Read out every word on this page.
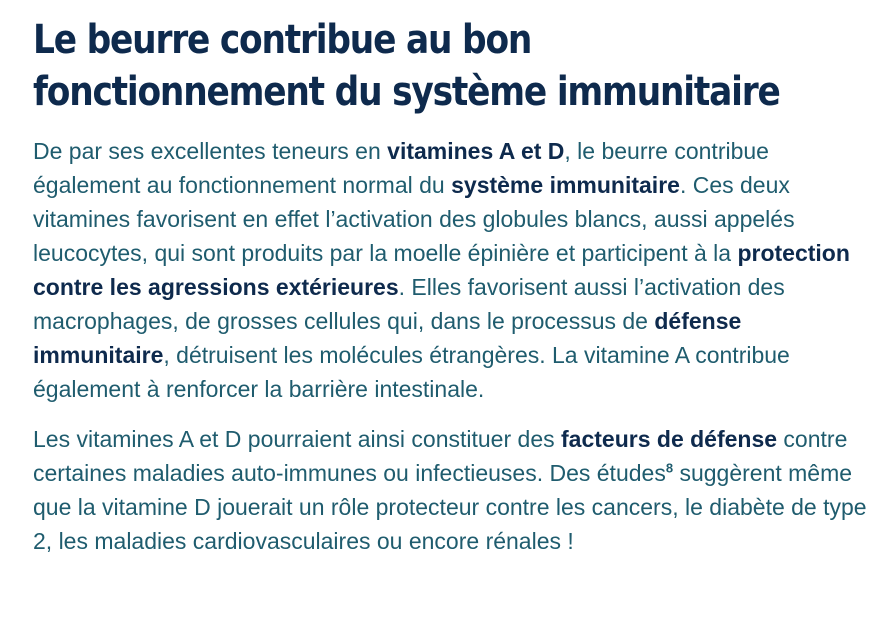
Le beurre contribue au bon
fonctionnement du système immunitaire

De par ses excellentes teneurs en vitamines A et D, le beurre contribue également au fonctionnement normal du système immunitaire. Ces deux vitamines favorisent en effet l’activation des globules blancs, aussi appelés leucocytes, qui sont produits par la moelle épinière et participent à la protection contre les agressions extérieures. Elles favorisent aussi l’activation des macrophages, de grosses cellules qui, dans le processus de défense immunitaire, détruisent les molécules étrangères. La vitamine A contribue également à renforcer la barrière intestinale.

Les vitamines A et D pourraient ainsi constituer des facteurs de défense contre certaines maladies auto-immunes ou infectieuses. Des études$^8$ suggèrent même que la vitamine D jouerait un rôle protecteur contre les cancers, le diabète de type 2, les maladies cardiovasculaires ou encore rénales !
